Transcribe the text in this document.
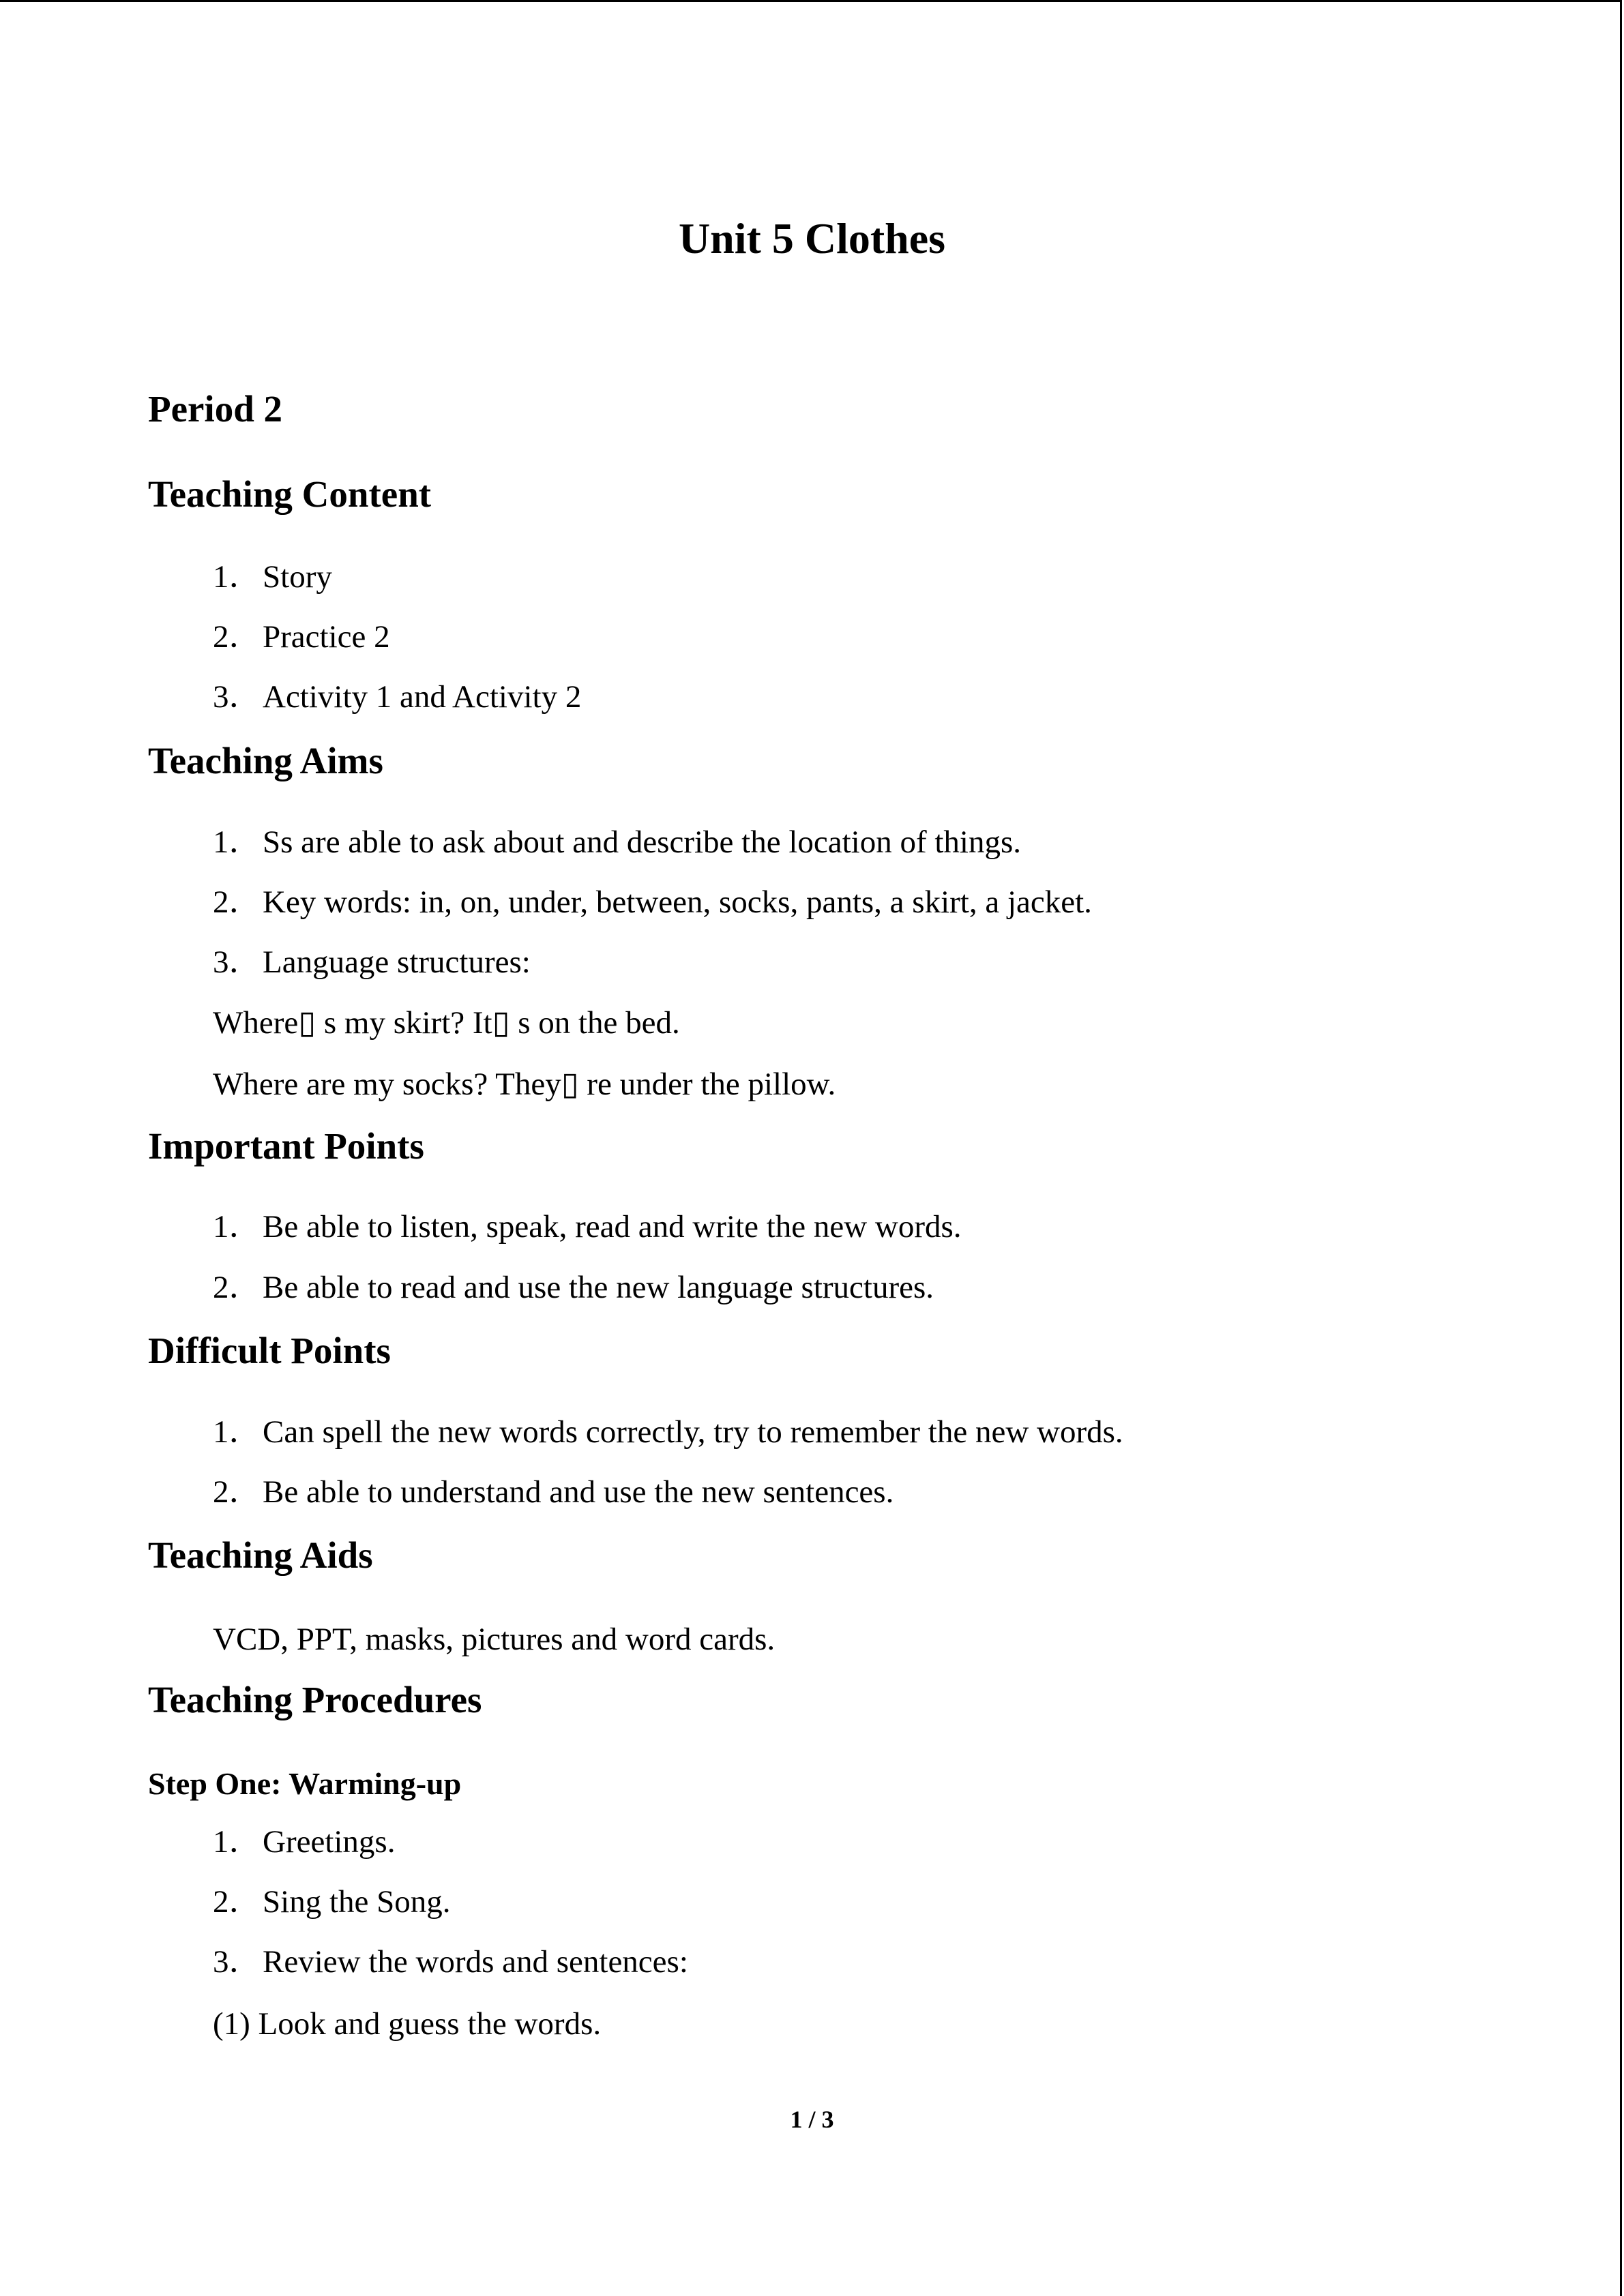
Unit 5 Clothes
Period 2
Teaching Content
1．Story
2．Practice 2
3．Activity 1 and Activity 2
Teaching Aims
1．Ss are able to ask about and describe the location of things.
2．Key words: in, on, under, between, socks, pants, a skirt, a jacket.
3．Language structures:
Where▯ s my skirt? It▯ s on the bed.
Where are my socks? They▯ re under the pillow.
Important Points
1．Be able to listen, speak, read and write the new words.
2．Be able to read and use the new language structures.
Difficult Points
1．Can spell the new words correctly, try to remember the new words.
2．Be able to understand and use the new sentences.
Teaching Aids
VCD, PPT, masks, pictures and word cards.
Teaching Procedures
Step One: Warming-up
1．Greetings.
2．Sing the Song.
3．Review the words and sentences:
(1) Look and guess the words.
1 / 3
